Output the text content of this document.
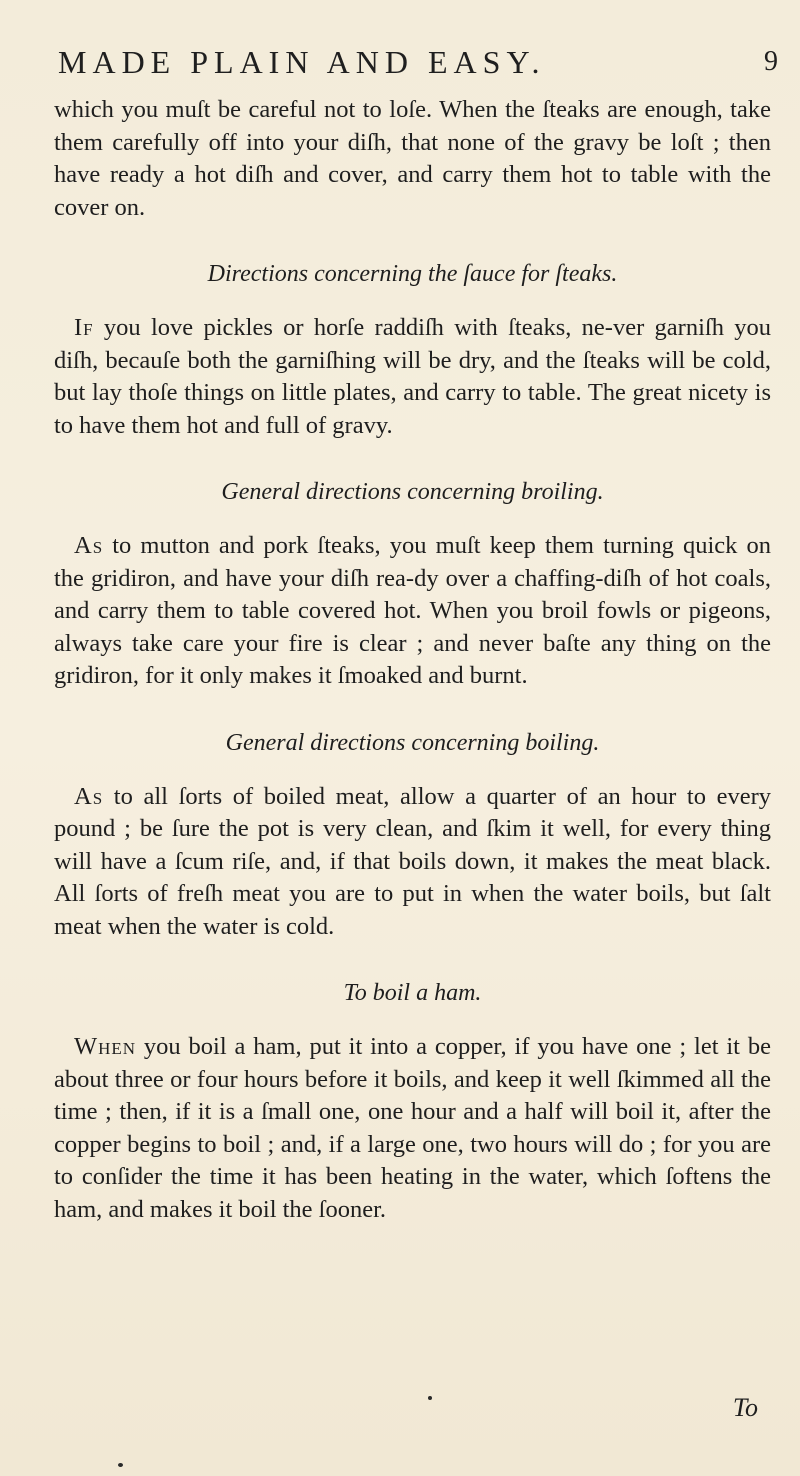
MADE PLAIN AND EASY.	9

which you muſt be careful not to loſe. When the ſteaks are enough, take them carefully off into your diſh, that none of the gravy be loſt ; then have ready a hot diſh and cover, and carry them hot to table with the cover on.

Directions concerning the ſauce for ſteaks.

If you love pickles or horſe raddiſh with ſteaks, ne-ver garniſh you diſh, becauſe both the garniſhing will be dry, and the ſteaks will be cold, but lay thoſe things on little plates, and carry to table. The great nicety is to have them hot and full of gravy.

General directions concerning broiling.

As to mutton and pork ſteaks, you muſt keep them turning quick on the gridiron, and have your diſh rea-dy over a chaffing-diſh of hot coals, and carry them to table covered hot. When you broil fowls or pigeons, always take care your fire is clear ; and never baſte any thing on the gridiron, for it only makes it ſmoaked and burnt.

General directions concerning boiling.

As to all ſorts of boiled meat, allow a quarter of an hour to every pound ; be ſure the pot is very clean, and ſkim it well, for every thing will have a ſcum riſe, and, if that boils down, it makes the meat black. All ſorts of freſh meat you are to put in when the water boils, but ſalt meat when the water is cold.

To boil a ham.

When you boil a ham, put it into a copper, if you have one ; let it be about three or four hours before it boils, and keep it well ſkimmed all the time ; then, if it is a ſmall one, one hour and a half will boil it, after the copper begins to boil ; and, if a large one, two hours will do ; for you are to conſider the time it has been heating in the water, which ſoftens the ham, and makes it boil the ſooner.

To
